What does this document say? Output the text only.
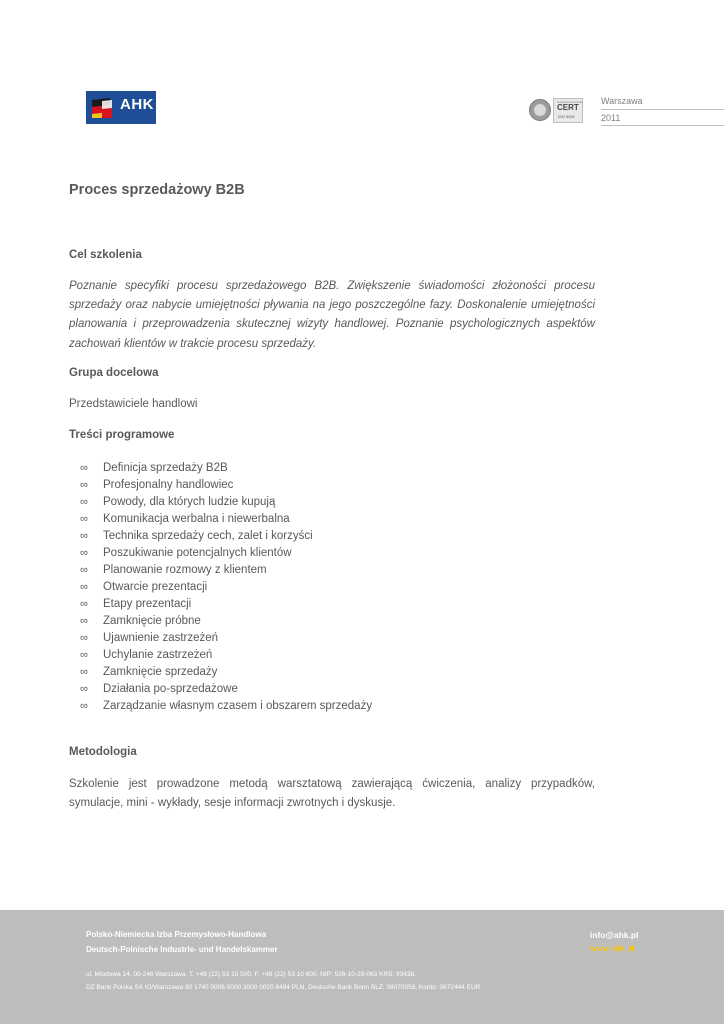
AHK	Kompetenzzentrum
CERT
ISO 9001
Warszawa
2011
Proces sprzedażowy B2B
Cel szkolenia
Poznanie specyfiki procesu sprzedażowego B2B. Zwiększenie świadomości złożoności procesu sprzedaży oraz nabycie umiejętności pływania na jego poszczególne fazy. Doskonalenie umiejętności planowania i przeprowadzenia skutecznej wizyty handlowej. Poznanie psychologicznych aspektów zachowań klientów w trakcie procesu sprzedaży.
Grupa docelowa
Przedstawiciele handlowi
Treści programowe
∞	Definicja sprzedaży B2B
∞	Profesjonalny handlowiec
∞	Powody, dla których ludzie kupują
∞	Komunikacja werbalna i niewerbalna
∞	Technika sprzedaży cech, zalet i korzyści
∞	Poszukiwanie potencjalnych klientów
∞	Planowanie rozmowy z klientem
∞	Otwarcie prezentacji
∞	Etapy prezentacji
∞	Zamknięcie próbne
∞	Ujawnienie zastrzeżeń
∞	Uchylanie zastrzeżeń
∞	Zamknięcie sprzedaży
∞	Działania po-sprzedażowe
∞	Zarządzanie własnym czasem i obszarem sprzedaży
Metodologia
Szkolenie jest prowadzone metodą warsztatową zawierającą ćwiczenia, analizy przypadków, symulacje, mini - wykłady, sesje informacji zwrotnych i dyskusje.
Polsko-Niemiecka Izba Przemysłowo-Handlowa
Deutsch-Polnische Industrie- und Handelskammer
info@ahk.pl
www.ahk.pl
ul. Miodowa 14, 00-246 Warszawa, T. +48 (22) 53 10 500, F. +48 (22) 53 10 600, NIP: 526-10-29-063 KRS: 93438,
DZ Bank Polska SA IO/Warszawa 80 1740 0006 0000 3000 0020 8494 PLN, Deutsche Bank Bonn BLZ: 38070059, Konto: 0672444 EUR
